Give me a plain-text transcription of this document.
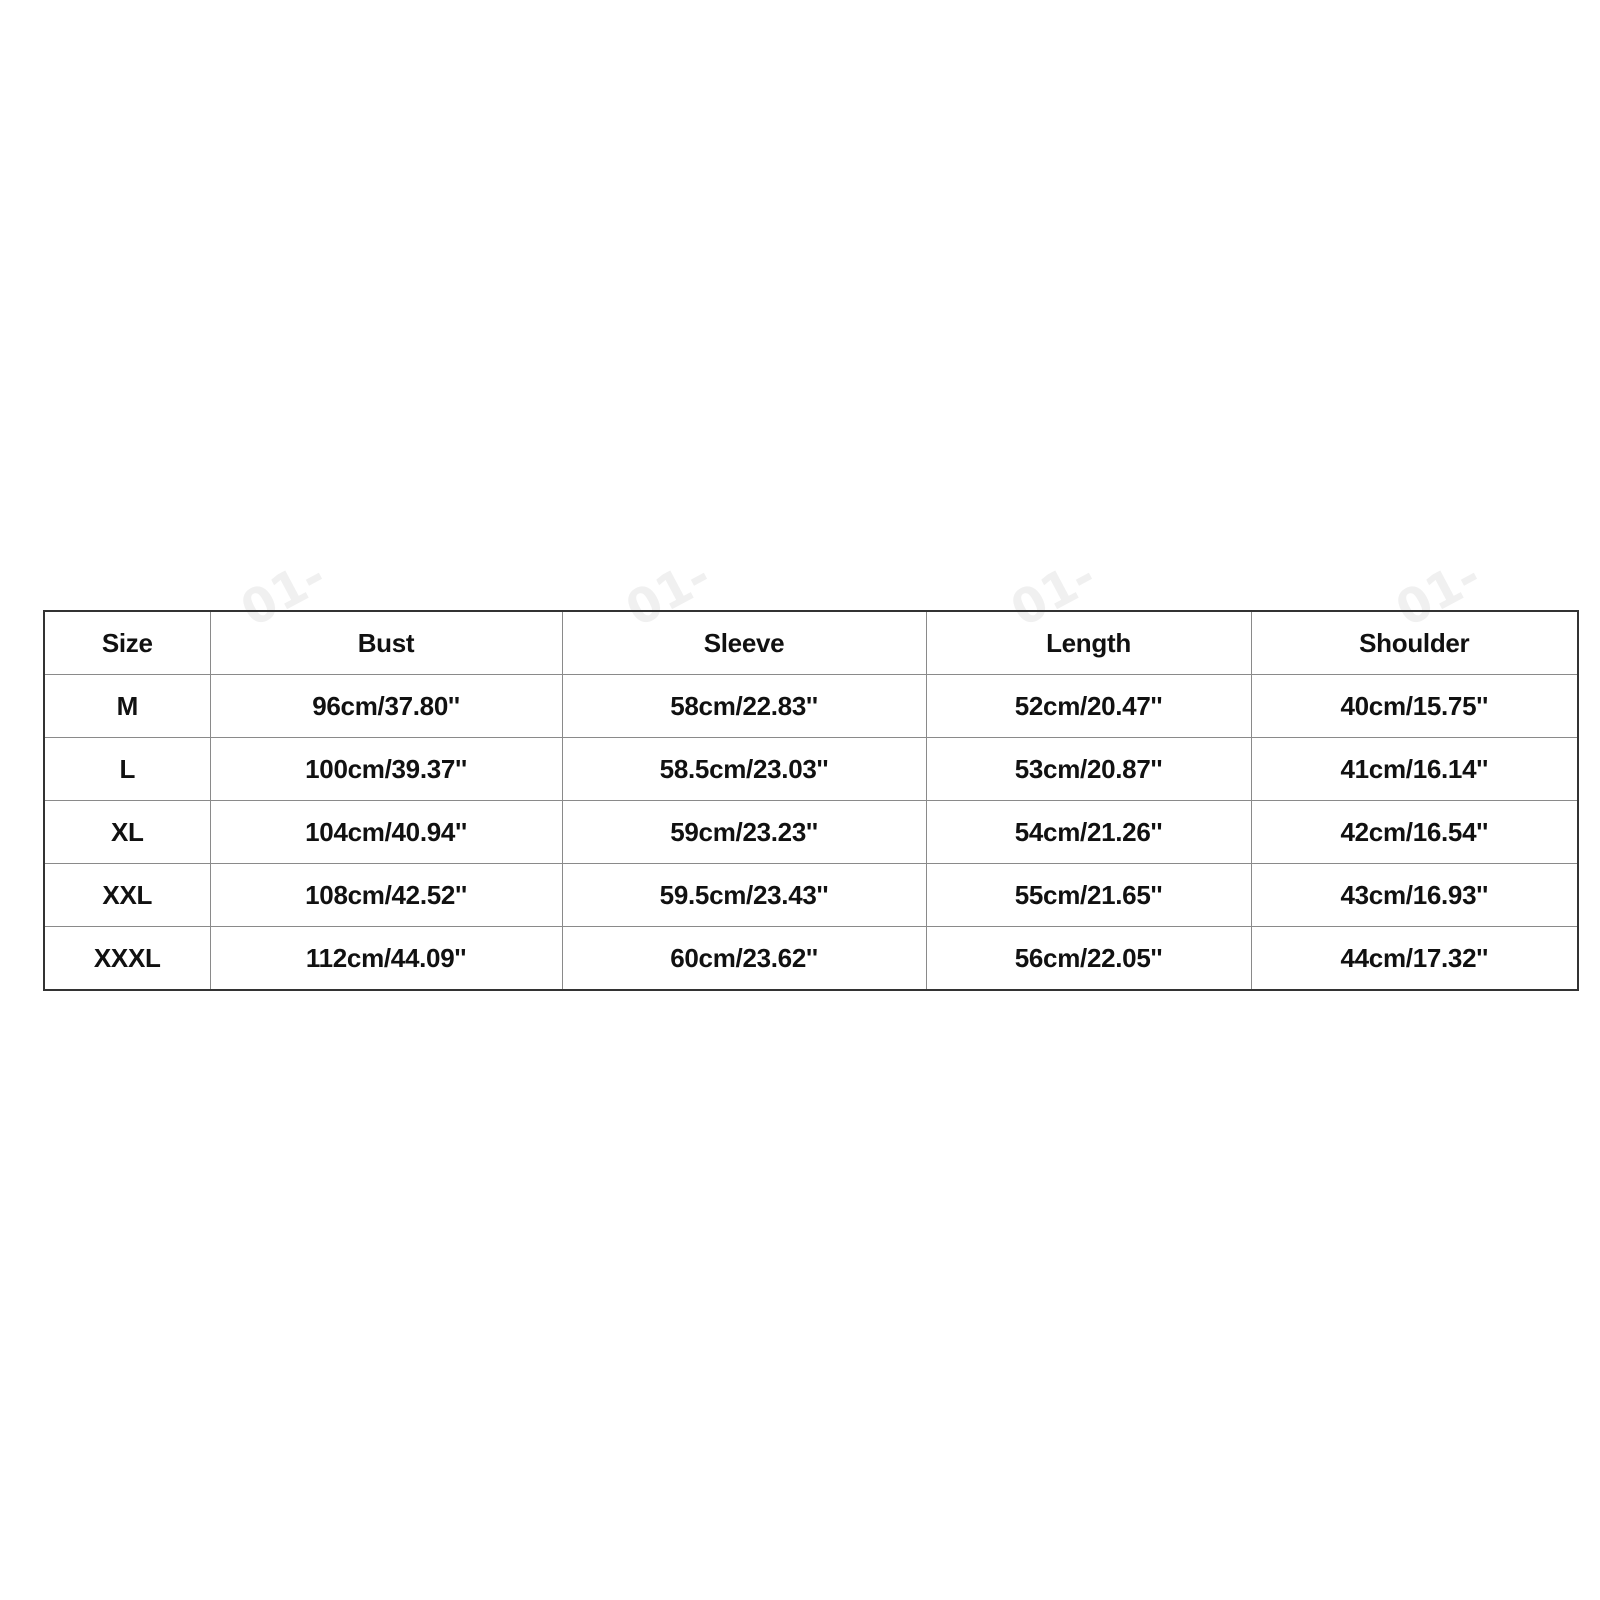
01-	01-	01-	01-
Size	Bust	Sleeve	Length	Shoulder
M	96cm/37.80''	58cm/22.83''	52cm/20.47''	40cm/15.75''
L	100cm/39.37''	58.5cm/23.03''	53cm/20.87''	41cm/16.14''
XL	104cm/40.94''	59cm/23.23''	54cm/21.26''	42cm/16.54''
XXL	108cm/42.52''	59.5cm/23.43''	55cm/21.65''	43cm/16.93''
XXXL	112cm/44.09''	60cm/23.62''	56cm/22.05''	44cm/17.32''
